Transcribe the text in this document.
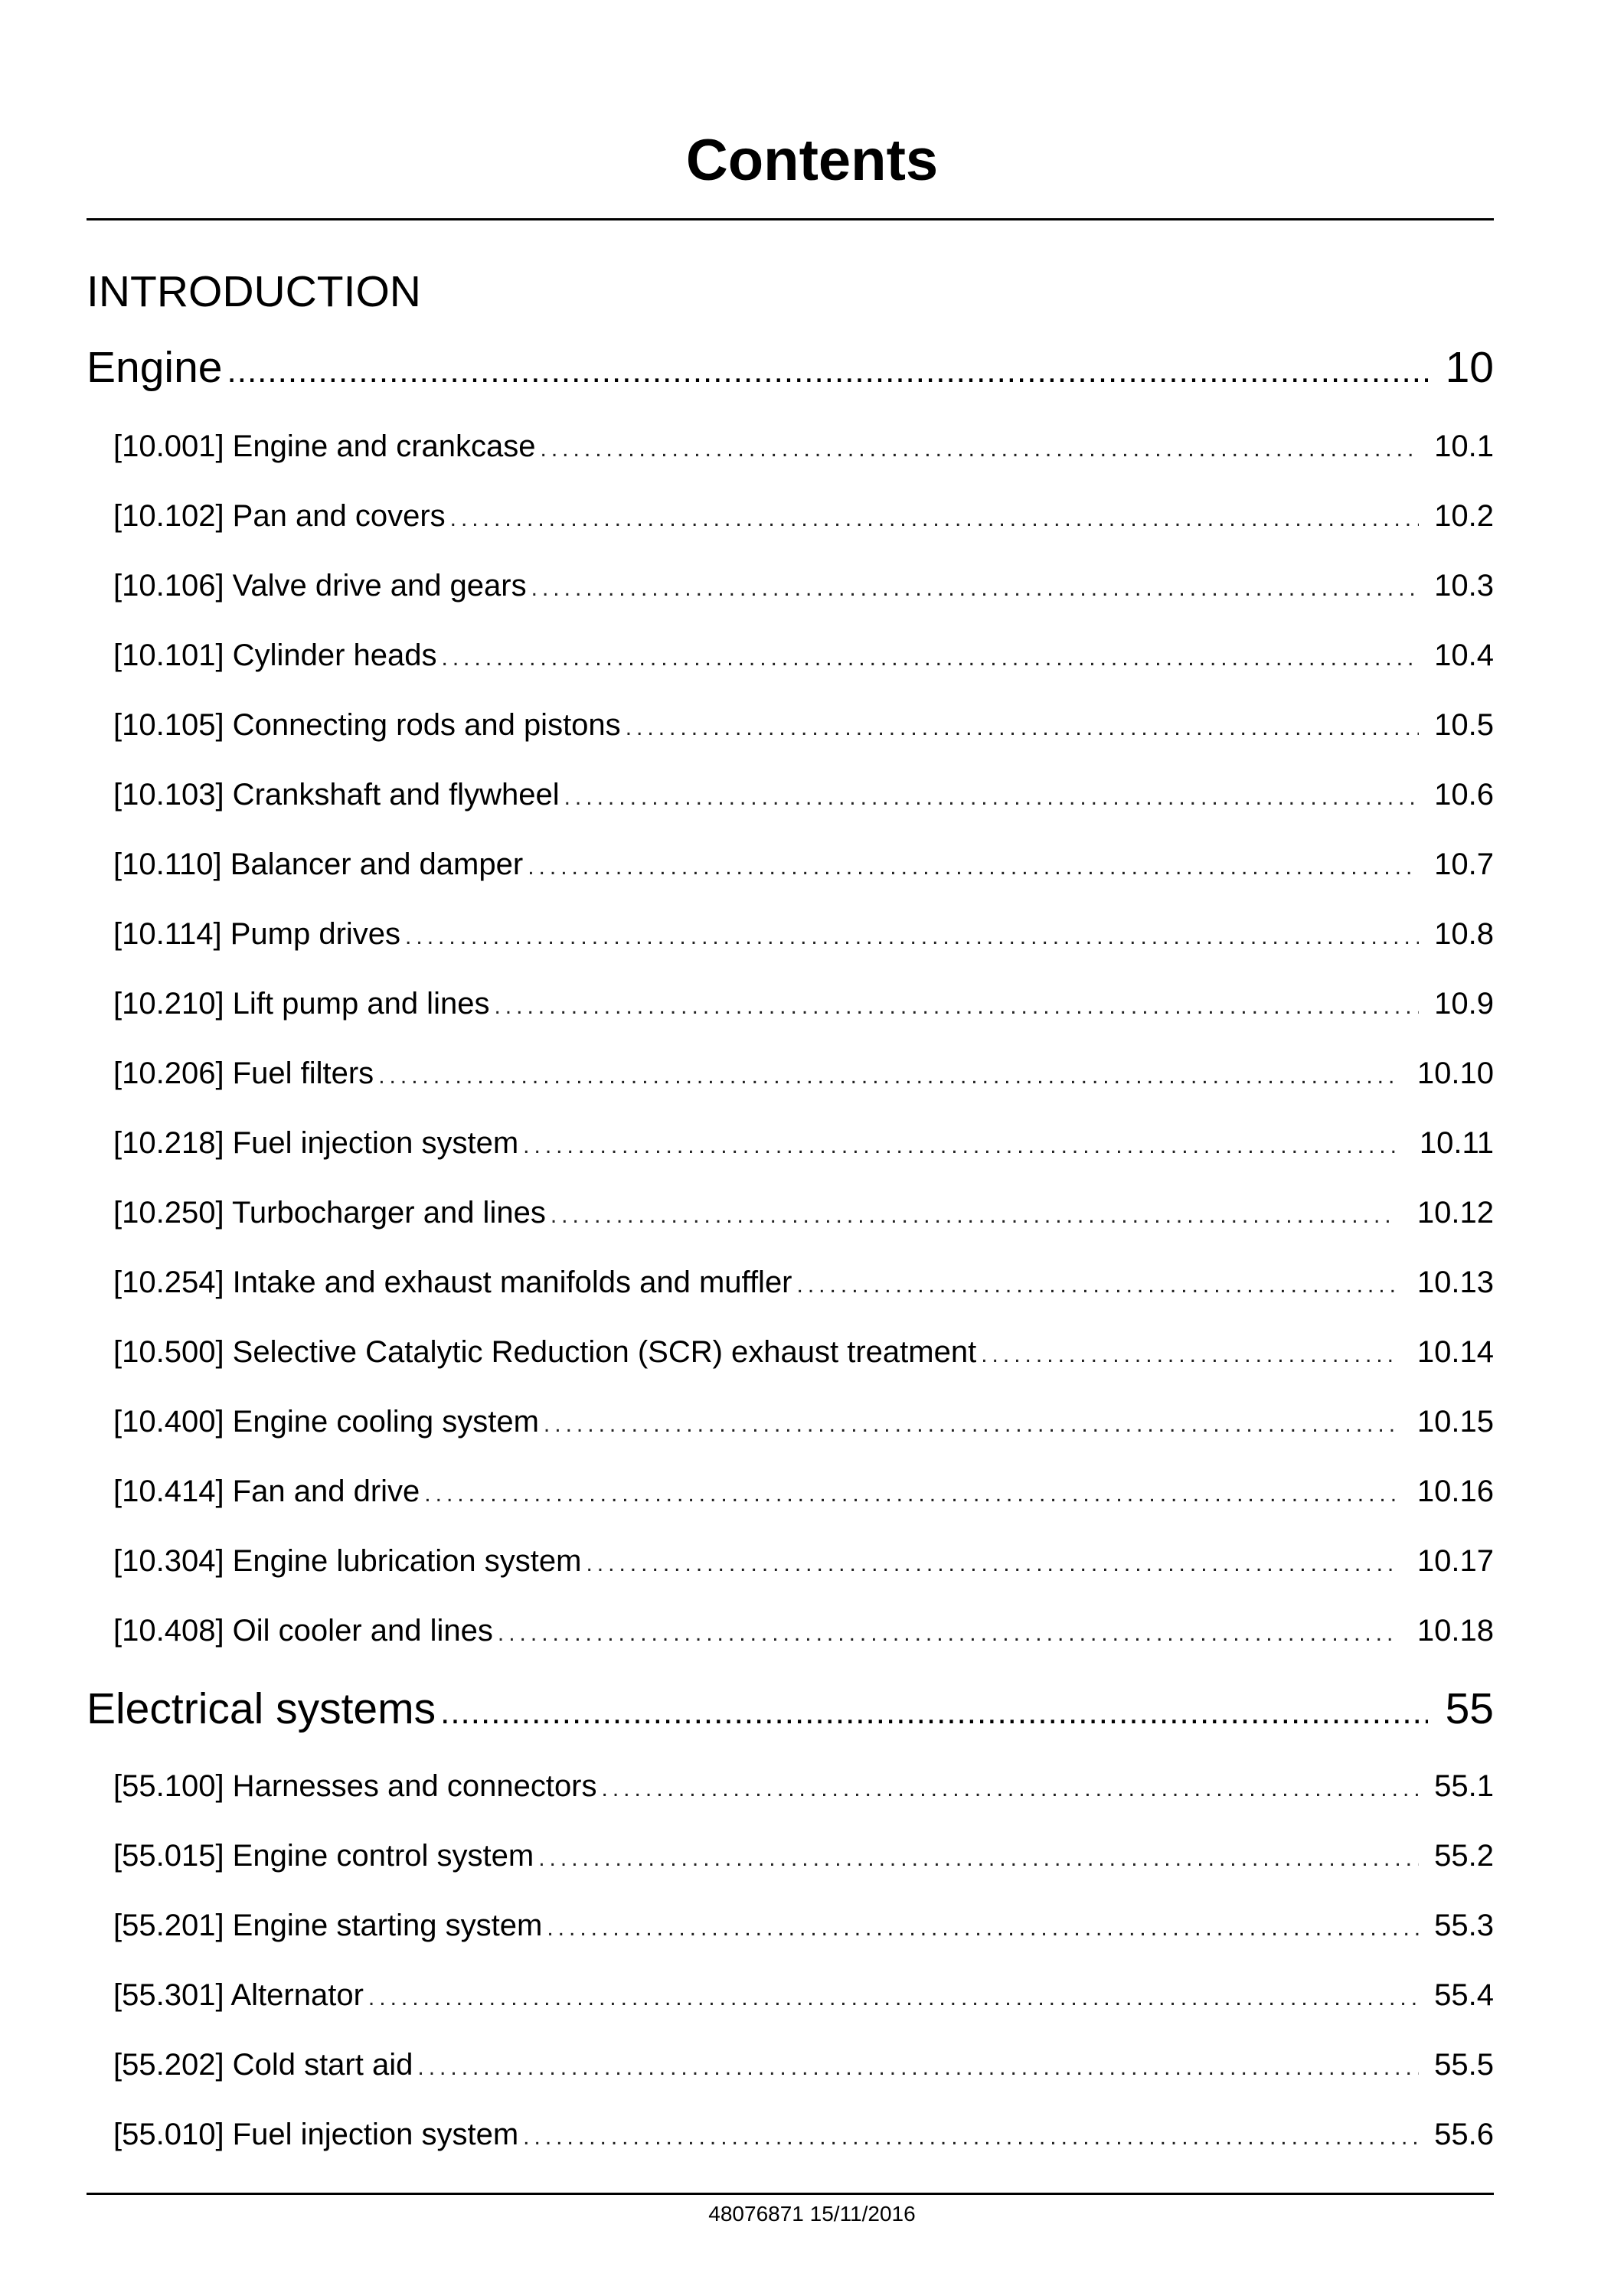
Contents
INTRODUCTION
Engine .....	10
[10.001] Engine and crankcase .....	10.1
[10.102] Pan and covers .....	10.2
[10.106] Valve drive and gears .....	10.3
[10.101] Cylinder heads .....	10.4
[10.105] Connecting rods and pistons .....	10.5
[10.103] Crankshaft and flywheel .....	10.6
[10.110] Balancer and damper .....	10.7
[10.114] Pump drives .....	10.8
[10.210] Lift pump and lines .....	10.9
[10.206] Fuel filters .....	10.10
[10.218] Fuel injection system .....	10.11
[10.250] Turbocharger and lines .....	10.12
[10.254] Intake and exhaust manifolds and muffler .....	10.13
[10.500] Selective Catalytic Reduction (SCR) exhaust treatment .....	10.14
[10.400] Engine cooling system .....	10.15
[10.414] Fan and drive .....	10.16
[10.304] Engine lubrication system .....	10.17
[10.408] Oil cooler and lines .....	10.18
Electrical systems .....	55
[55.100] Harnesses and connectors .....	55.1
[55.015] Engine control system .....	55.2
[55.201] Engine starting system .....	55.3
[55.301] Alternator .....	55.4
[55.202] Cold start aid .....	55.5
[55.010] Fuel injection system .....	55.6
48076871 15/11/2016
